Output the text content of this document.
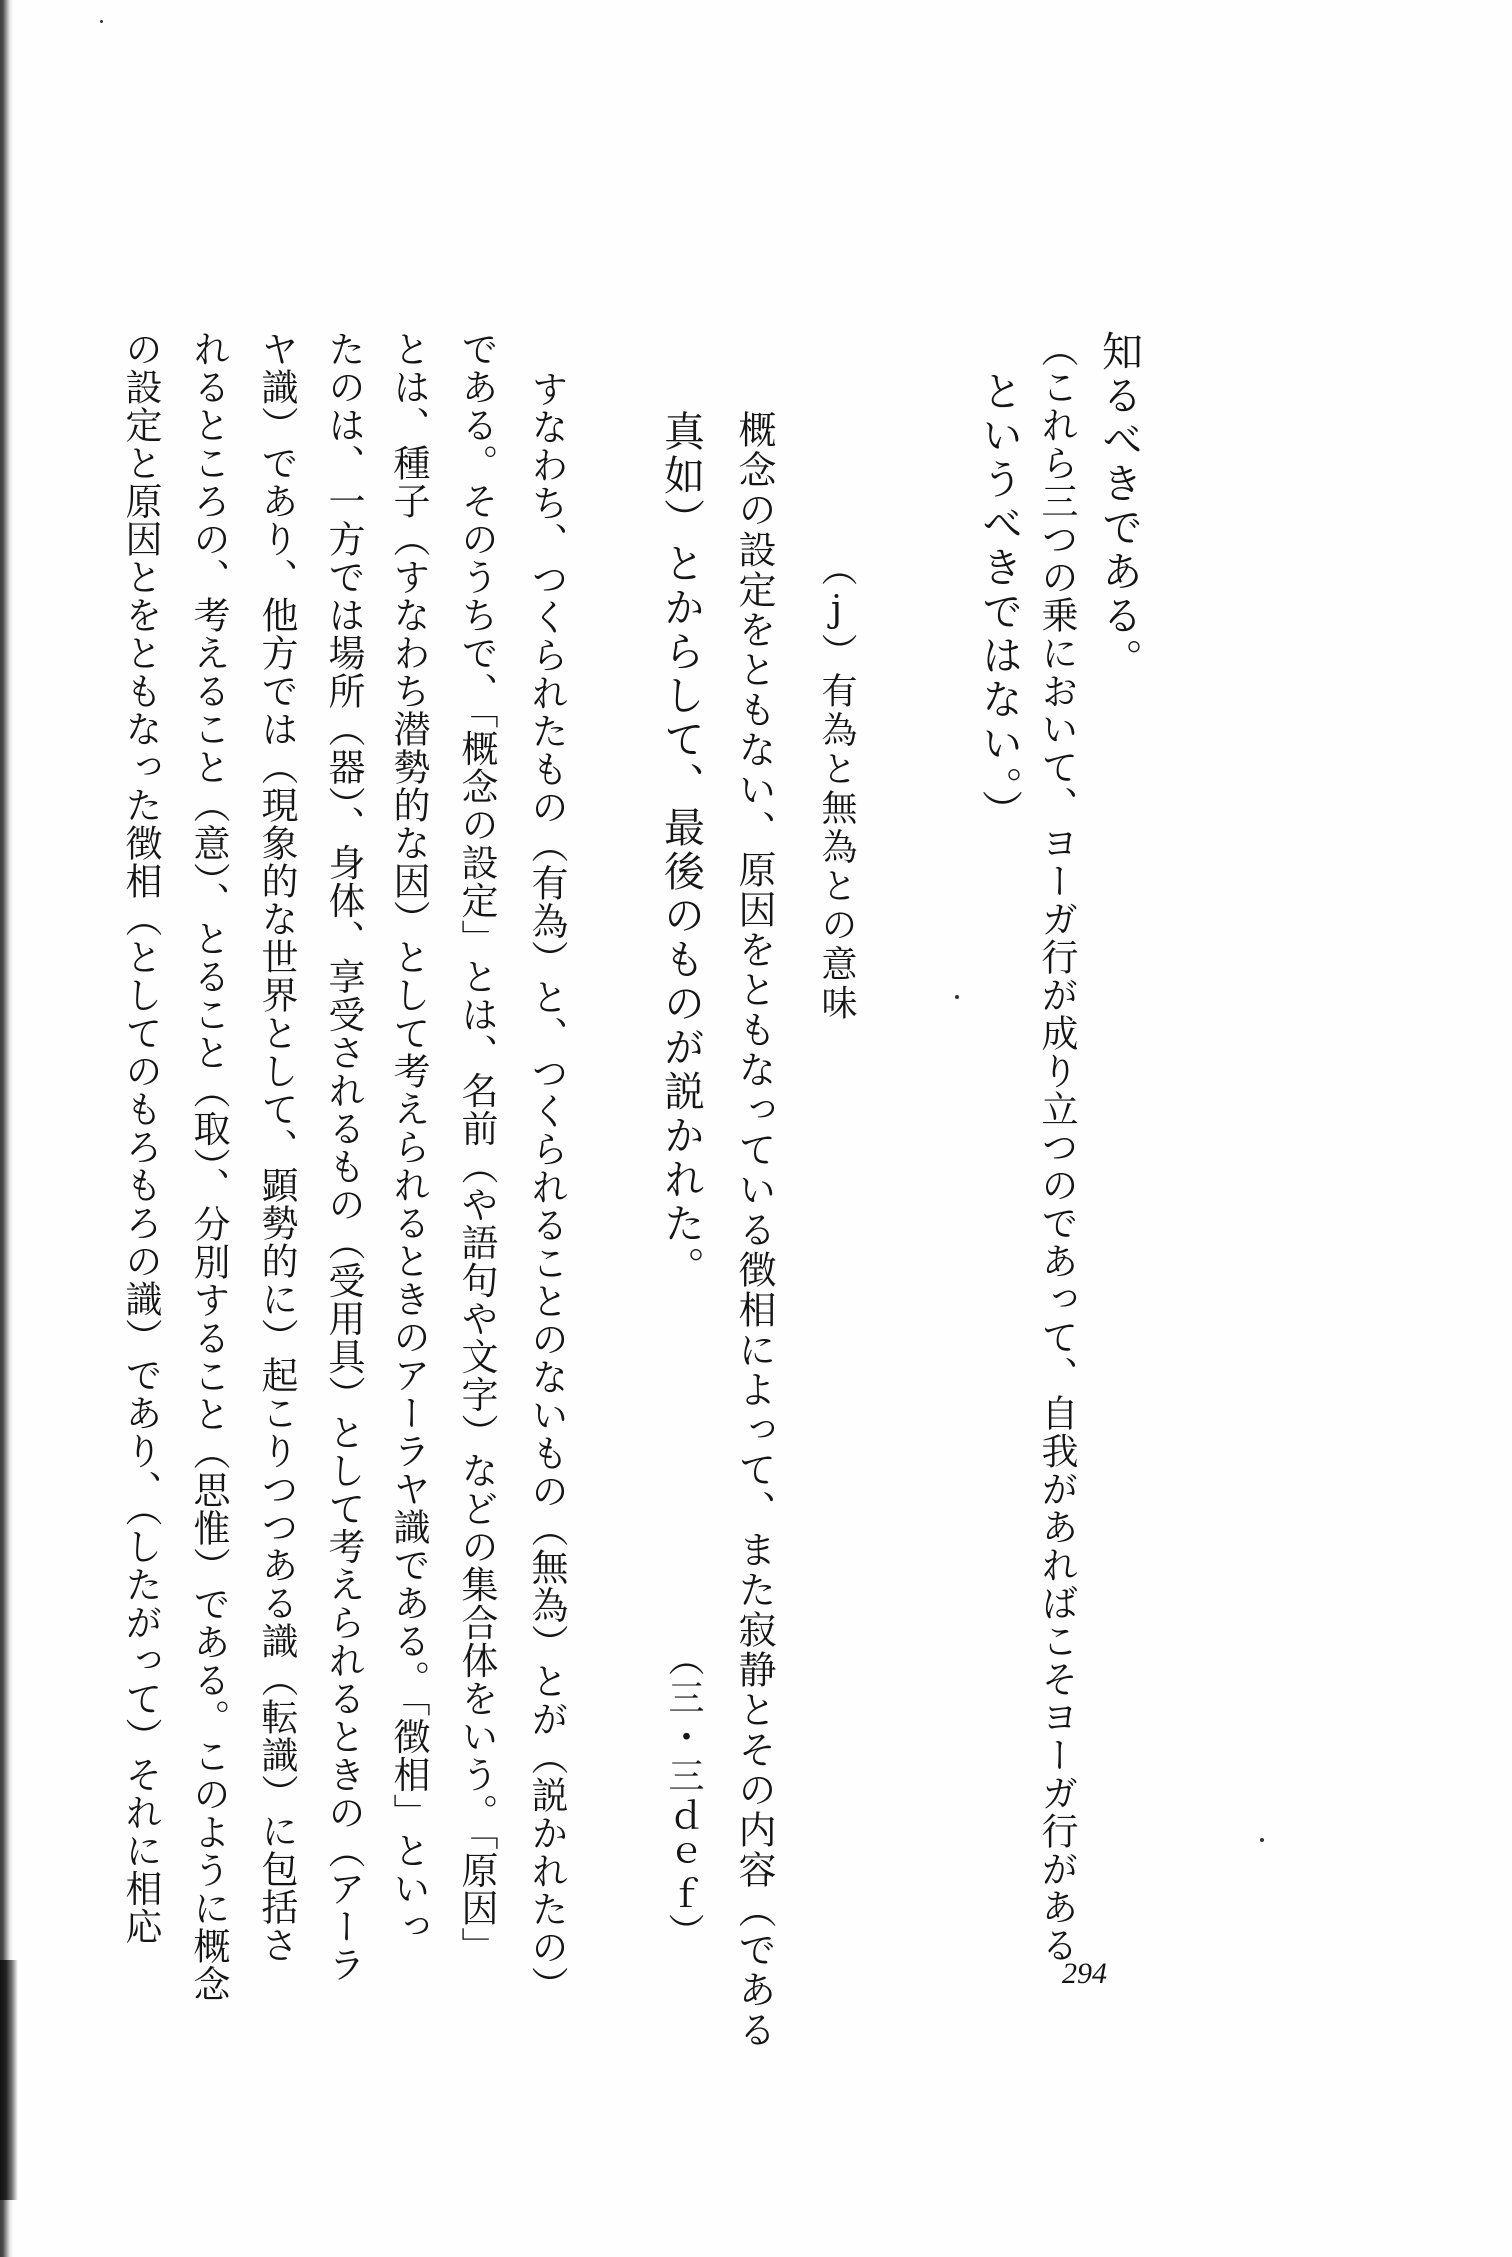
知るべきである。
（これら三つの乗において、ヨーガ行が成り立つのであって、自我があればこそヨーガ行がある
というべきではない。）
（j）有為と無為との意味
概念の設定をともない、原因をともなっている徴相によって、また寂静とその内容（である
真如）とからして、最後のものが説かれた。
（三・三ｄｅｆ）
すなわち、つくられたもの（有為）と、つくられることのないもの（無為）とが（説かれたの）
である。そのうちで、「概念の設定」とは、名前（や語句や文字）などの集合体をいう。「原因」
とは、種子（すなわち潜勢的な因）として考えられるときのアーラヤ識である。「徴相」といっ
たのは、一方では場所（器）、身体、享受されるもの（受用具）として考えられるときの（アーラ
ヤ識）であり、他方では（現象的な世界として、顕勢的に）起こりつつある識（転識）に包括さ
れるところの、考えること（意）、とること（取）、分別すること（思惟）である。このように概念
の設定と原因とをともなった徴相（としてのもろもろの識）であり、（したがって）それに相応
294
